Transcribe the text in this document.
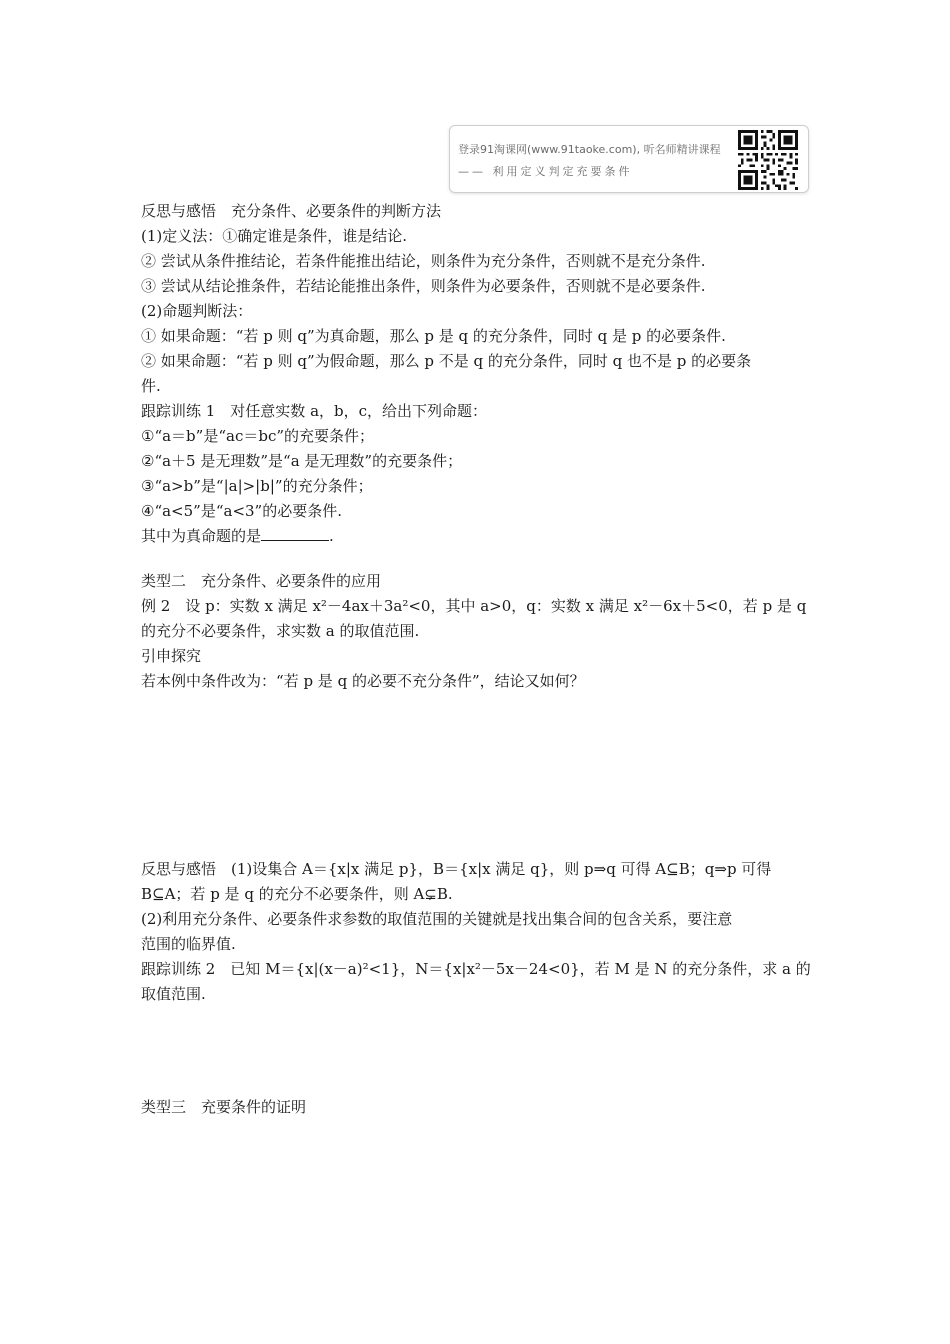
登录91淘课网(www.91taoke.com), 听名师精讲课程
—— 利用定义判定充要条件
反思与感悟　充分条件、必要条件的判断方法
(1)定义法：①确定谁是条件，谁是结论.
② 尝试从条件推结论，若条件能推出结论，则条件为充分条件，否则就不是充分条件.
③ 尝试从结论推条件，若结论能推出条件，则条件为必要条件，否则就不是必要条件.
(2)命题判断法：
① 如果命题：“若 p 则 q”为真命题，那么 p 是 q 的充分条件，同时 q 是 p 的必要条件.
② 如果命题：“若 p 则 q”为假命题，那么 p 不是 q 的充分条件，同时 q 也不是 p 的必要条
件.
跟踪训练 1　对任意实数 a，b，c，给出下列命题：
①“a＝b”是“ac＝bc”的充要条件；
②“a＋5 是无理数”是“a 是无理数”的充要条件；
③“a>b”是“|a|>|b|”的充分条件；
④“a<5”是“a<3”的必要条件.
其中为真命题的是	.
类型二　充分条件、必要条件的应用
例 2　设 p：实数 x 满足 x²－4ax＋3a²<0，其中 a>0，q：实数 x 满足 x²－6x＋5<0，若 p 是 q
的充分不必要条件，求实数 a 的取值范围.
引申探究
若本例中条件改为：“若 p 是 q 的必要不充分条件”，结论又如何？
反思与感悟　(1)设集合 A＝{x|x 满足 p}，B＝{x|x 满足 q}，则 p⇒q 可得 A⊆B；q⇒p 可得
B⊆A；若 p 是 q 的充分不必要条件，则 A⊊B.
(2)利用充分条件、必要条件求参数的取值范围的关键就是找出集合间的包含关系，要注意
范围的临界值.
跟踪训练 2　已知 M＝{x|(x－a)²<1}，N＝{x|x²－5x－24<0}，若 M 是 N 的充分条件，求 a 的
取值范围.
类型三　充要条件的证明
